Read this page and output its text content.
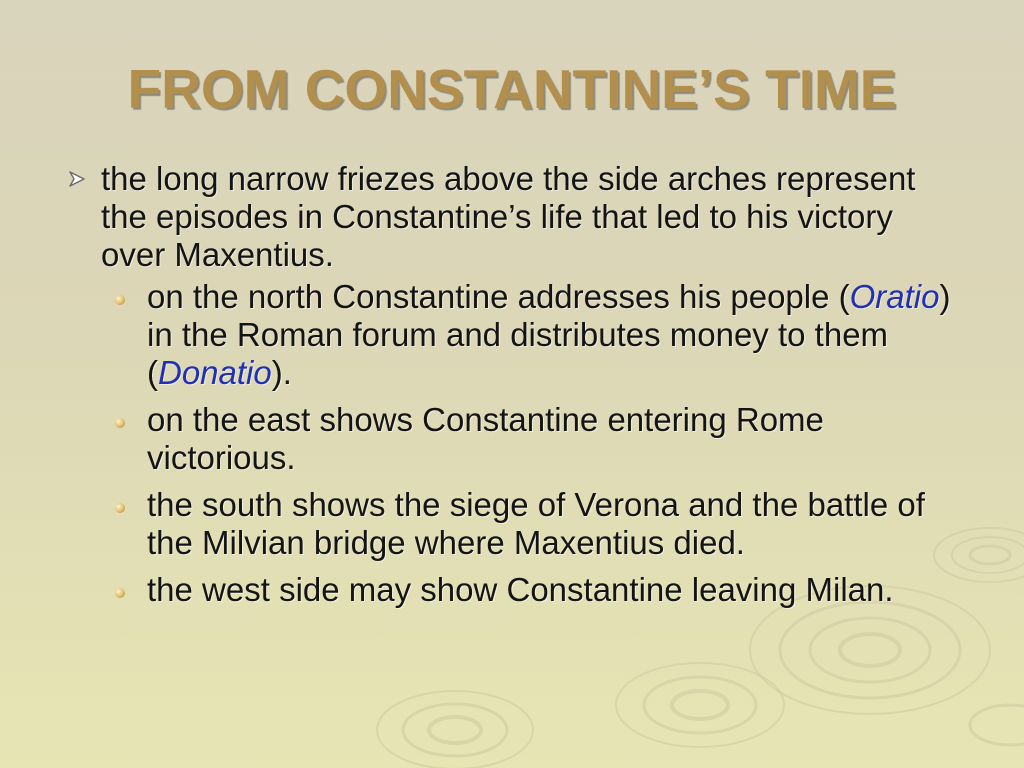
FROM CONSTANTINE’S TIME

the long narrow friezes above the side arches represent the episodes in Constantine’s life that led to his victory over Maxentius.

on the north Constantine addresses his people (Oratio) in the Roman forum and distributes money to them (Donatio).
on the east shows Constantine entering Rome victorious.
the south shows the siege of Verona and the battle of the Milvian bridge where Maxentius died.
the west side may show Constantine leaving Milan.
